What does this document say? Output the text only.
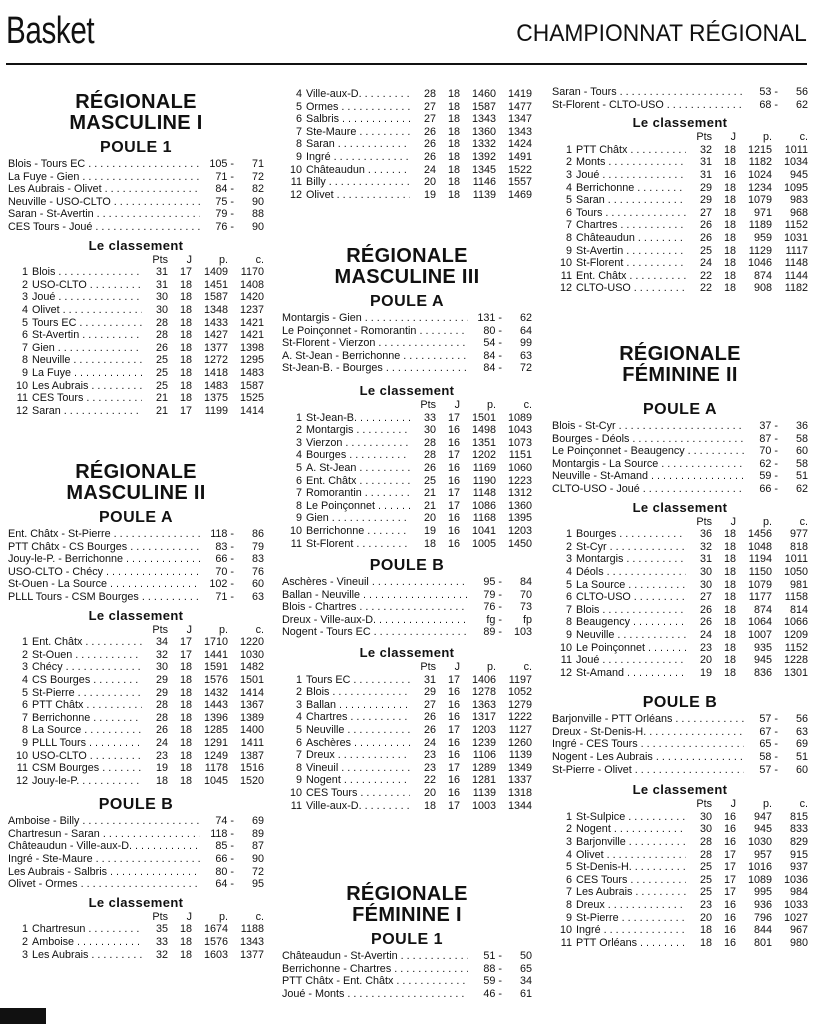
Basket	CHAMPIONNAT RÉGIONAL
RÉGIONALE
MASCULINE I
POULE 1
Blois - Tours EC . . .	105 -	71
La Fuye - Gien . . .	71 -	72
Les Aubrais - Olivet . . .	84 -	82
Neuville - USO-CLTO . . .	75 -	90
Saran - St-Avertin . . .	79 -	88
CES Tours - Joué . . .	76 -	90
Le classement
Pts	J	p.	c.
1 Blois . . .	31	17	1409	1170
2 USO-CLTO . . .	31	18	1451	1408
3 Joué . . .	30	18	1587	1420
4 Olivet . . .	30	18	1348	1237
5 Tours EC . . .	28	18	1433	1421
6 St-Avertin . . .	28	18	1427	1421
7 Gien . . .	26	18	1377	1398
8 Neuville . . .	25	18	1272	1295
9 La Fuye . . .	25	18	1418	1483
10 Les Aubrais . . .	25	18	1483	1587
11 CES Tours . . .	21	18	1375	1525
12 Saran . . .	21	17	1199	1414
RÉGIONALE
MASCULINE II
POULE A
Ent. Châtx - St-Pierre . . .	118 -	86
PTT Châtx - CS Bourges . . .	83 -	79
Jouy-le-P. - Berrichonne . . .	66 -	83
USO-CLTO - Chécy . . .	70 -	76
St-Ouen - La Source . . .	102 -	60
PLLL Tours - CSM Bourges . . .	71 -	63
Le classement
Pts	J	p.	c.
1 Ent. Châtx . . .	34	17	1710	1220
2 St-Ouen . . .	32	17	1441	1030
3 Chécy . . .	30	18	1591	1482
4 CS Bourges . . .	29	18	1576	1501
5 St-Pierre . . .	29	18	1432	1414
6 PTT Châtx . . .	28	18	1443	1367
7 Berrichonne . . .	28	18	1396	1389
8 La Source . . .	26	18	1285	1400
9 PLLL Tours . . .	24	18	1291	1411
10 USO-CLTO . . .	23	18	1249	1387
11 CSM Bourges . . .	19	18	1178	1516
12 Jouy-le-P. . . .	18	18	1045	1520
POULE B
Amboise - Billy . . .	74 -	69
Chartresun - Saran . . .	118 -	89
Châteaudun - Ville-aux-D. . . .	85 -	87
Ingré - Ste-Maure . . .	66 -	90
Les Aubrais - Salbris . . .	80 -	72
Olivet - Ormes . . .	64 -	95
Le classement
Pts	J	p.	c.
1 Chartresun . . .	35	18	1674	1188
2 Amboise . . .	33	18	1576	1343
3 Les Aubrais . . .	32	18	1603	1377
4 Ville-aux-D. . . .	28	18	1460	1419
5 Ormes . . .	27	18	1587	1477
6 Salbris . . .	27	18	1343	1347
7 Ste-Maure . . .	26	18	1360	1343
8 Saran . . .	26	18	1332	1424
9 Ingré . . .	26	18	1392	1491
10 Châteaudun . . .	24	18	1345	1522
11 Billy . . .	20	18	1146	1557
12 Olivet . . .	19	18	1139	1469
RÉGIONALE
MASCULINE III
POULE A
Montargis - Gien . . .	131 -	62
Le Poinçonnet - Romorantin . . .	80 -	64
St-Florent - Vierzon . . .	54 -	99
A. St-Jean - Berrichonne . . .	84 -	63
St-Jean-B. - Bourges . . .	84 -	72
Le classement
Pts	J	p.	c.
1 St-Jean-B. . . .	33	17	1501	1089
2 Montargis . . .	30	16	1498	1043
3 Vierzon . . .	28	16	1351	1073
4 Bourges . . .	28	17	1202	1151
5 A. St-Jean . . .	26	16	1169	1060
6 Ent. Châtx . . .	25	16	1190	1223
7 Romorantin . . .	21	17	1148	1312
8 Le Poinçonnet . . .	21	17	1086	1360
9 Gien . . .	20	16	1168	1395
10 Berrichonne . . .	19	16	1041	1203
11 St-Florent . . .	18	16	1005	1450
POULE B
Aschères - Vineuil . . .	95 -	84
Ballan - Neuville . . .	79 -	70
Blois - Chartres . . .	76 -	73
Dreux - Ville-aux-D. . . .	fg -	fp
Nogent - Tours EC . . .	89 -	103
Le classement
Pts	J	p.	c.
1 Tours EC . . .	31	17	1406	1197
2 Blois . . .	29	16	1278	1052
3 Ballan . . .	27	16	1363	1279
4 Chartres . . .	26	16	1317	1222
5 Neuville . . .	26	17	1203	1127
6 Aschères . . .	24	16	1239	1260
7 Dreux . . .	23	16	1106	1139
8 Vineuil . . .	23	17	1289	1349
9 Nogent . . .	22	16	1281	1337
10 CES Tours . . .	20	16	1139	1318
11 Ville-aux-D. . . .	18	17	1003	1344
RÉGIONALE
FÉMININE I
POULE 1
Châteaudun - St-Avertin . . .	51 -	50
Berrichonne - Chartres . . .	88 -	65
PTT Châtx - Ent. Châtx . . .	59 -	34
Joué - Monts . . .	46 -	61
Saran - Tours . . .	53 -	56
St-Florent - CLTO-USO . . .	68 -	62
Le classement
Pts	J	p.	c.
1 PTT Châtx . . .	32	18	1215	1011
2 Monts . . .	31	18	1182	1034
3 Joué . . .	31	16	1024	945
4 Berrichonne . . .	29	18	1234	1095
5 Saran . . .	29	18	1079	983
6 Tours . . .	27	18	971	968
7 Chartres . . .	26	18	1189	1152
8 Châteaudun . . .	26	18	959	1031
9 St-Avertin . . .	25	18	1129	1117
10 St-Florent . . .	24	18	1046	1148
11 Ent. Châtx . . .	22	18	874	1144
12 CLTO-USO . . .	22	18	908	1182
RÉGIONALE
FÉMININE II
POULE A
Blois - St-Cyr . . .	37 -	36
Bourges - Déols . . .	87 -	58
Le Poinçonnet - Beaugency . . .	70 -	60
Montargis - La Source . . .	62 -	58
Neuville - St-Amand . . .	59 -	51
CLTO-USO - Joué . . .	66 -	62
Le classement
Pts	J	p.	c.
1 Bourges . . .	36	18	1456	977
2 St-Cyr . . .	32	18	1048	818
3 Montargis . . .	31	18	1194	1011
4 Déols . . .	30	18	1150	1050
5 La Source . . .	30	18	1079	981
6 CLTO-USO . . .	27	18	1177	1158
7 Blois . . .	26	18	874	814
8 Beaugency . . .	26	18	1064	1066
9 Neuville . . .	24	18	1007	1209
10 Le Poinçonnet . . .	23	18	935	1152
11 Joué . . .	20	18	945	1228
12 St-Amand . . .	19	18	836	1301
POULE B
Barjonville - PTT Orléans . . .	57 -	56
Dreux - St-Denis-H. . . .	67 -	63
Ingré - CES Tours . . .	65 -	69
Nogent - Les Aubrais . . .	58 -	51
St-Pierre - Olivet . . .	57 -	60
Le classement
Pts	J	p.	c.
1 St-Sulpice . . .	30	16	947	815
2 Nogent . . .	30	16	945	833
3 Barjonville . . .	28	16	1030	829
4 Olivet . . .	28	17	957	915
5 St-Denis-H. . . .	25	17	1016	937
6 CES Tours . . .	25	17	1089	1036
7 Les Aubrais . . .	25	17	995	984
8 Dreux . . .	23	16	936	1033
9 St-Pierre . . .	20	16	796	1027
10 Ingré . . .	18	16	844	967
11 PTT Orléans . . .	18	16	801	980
